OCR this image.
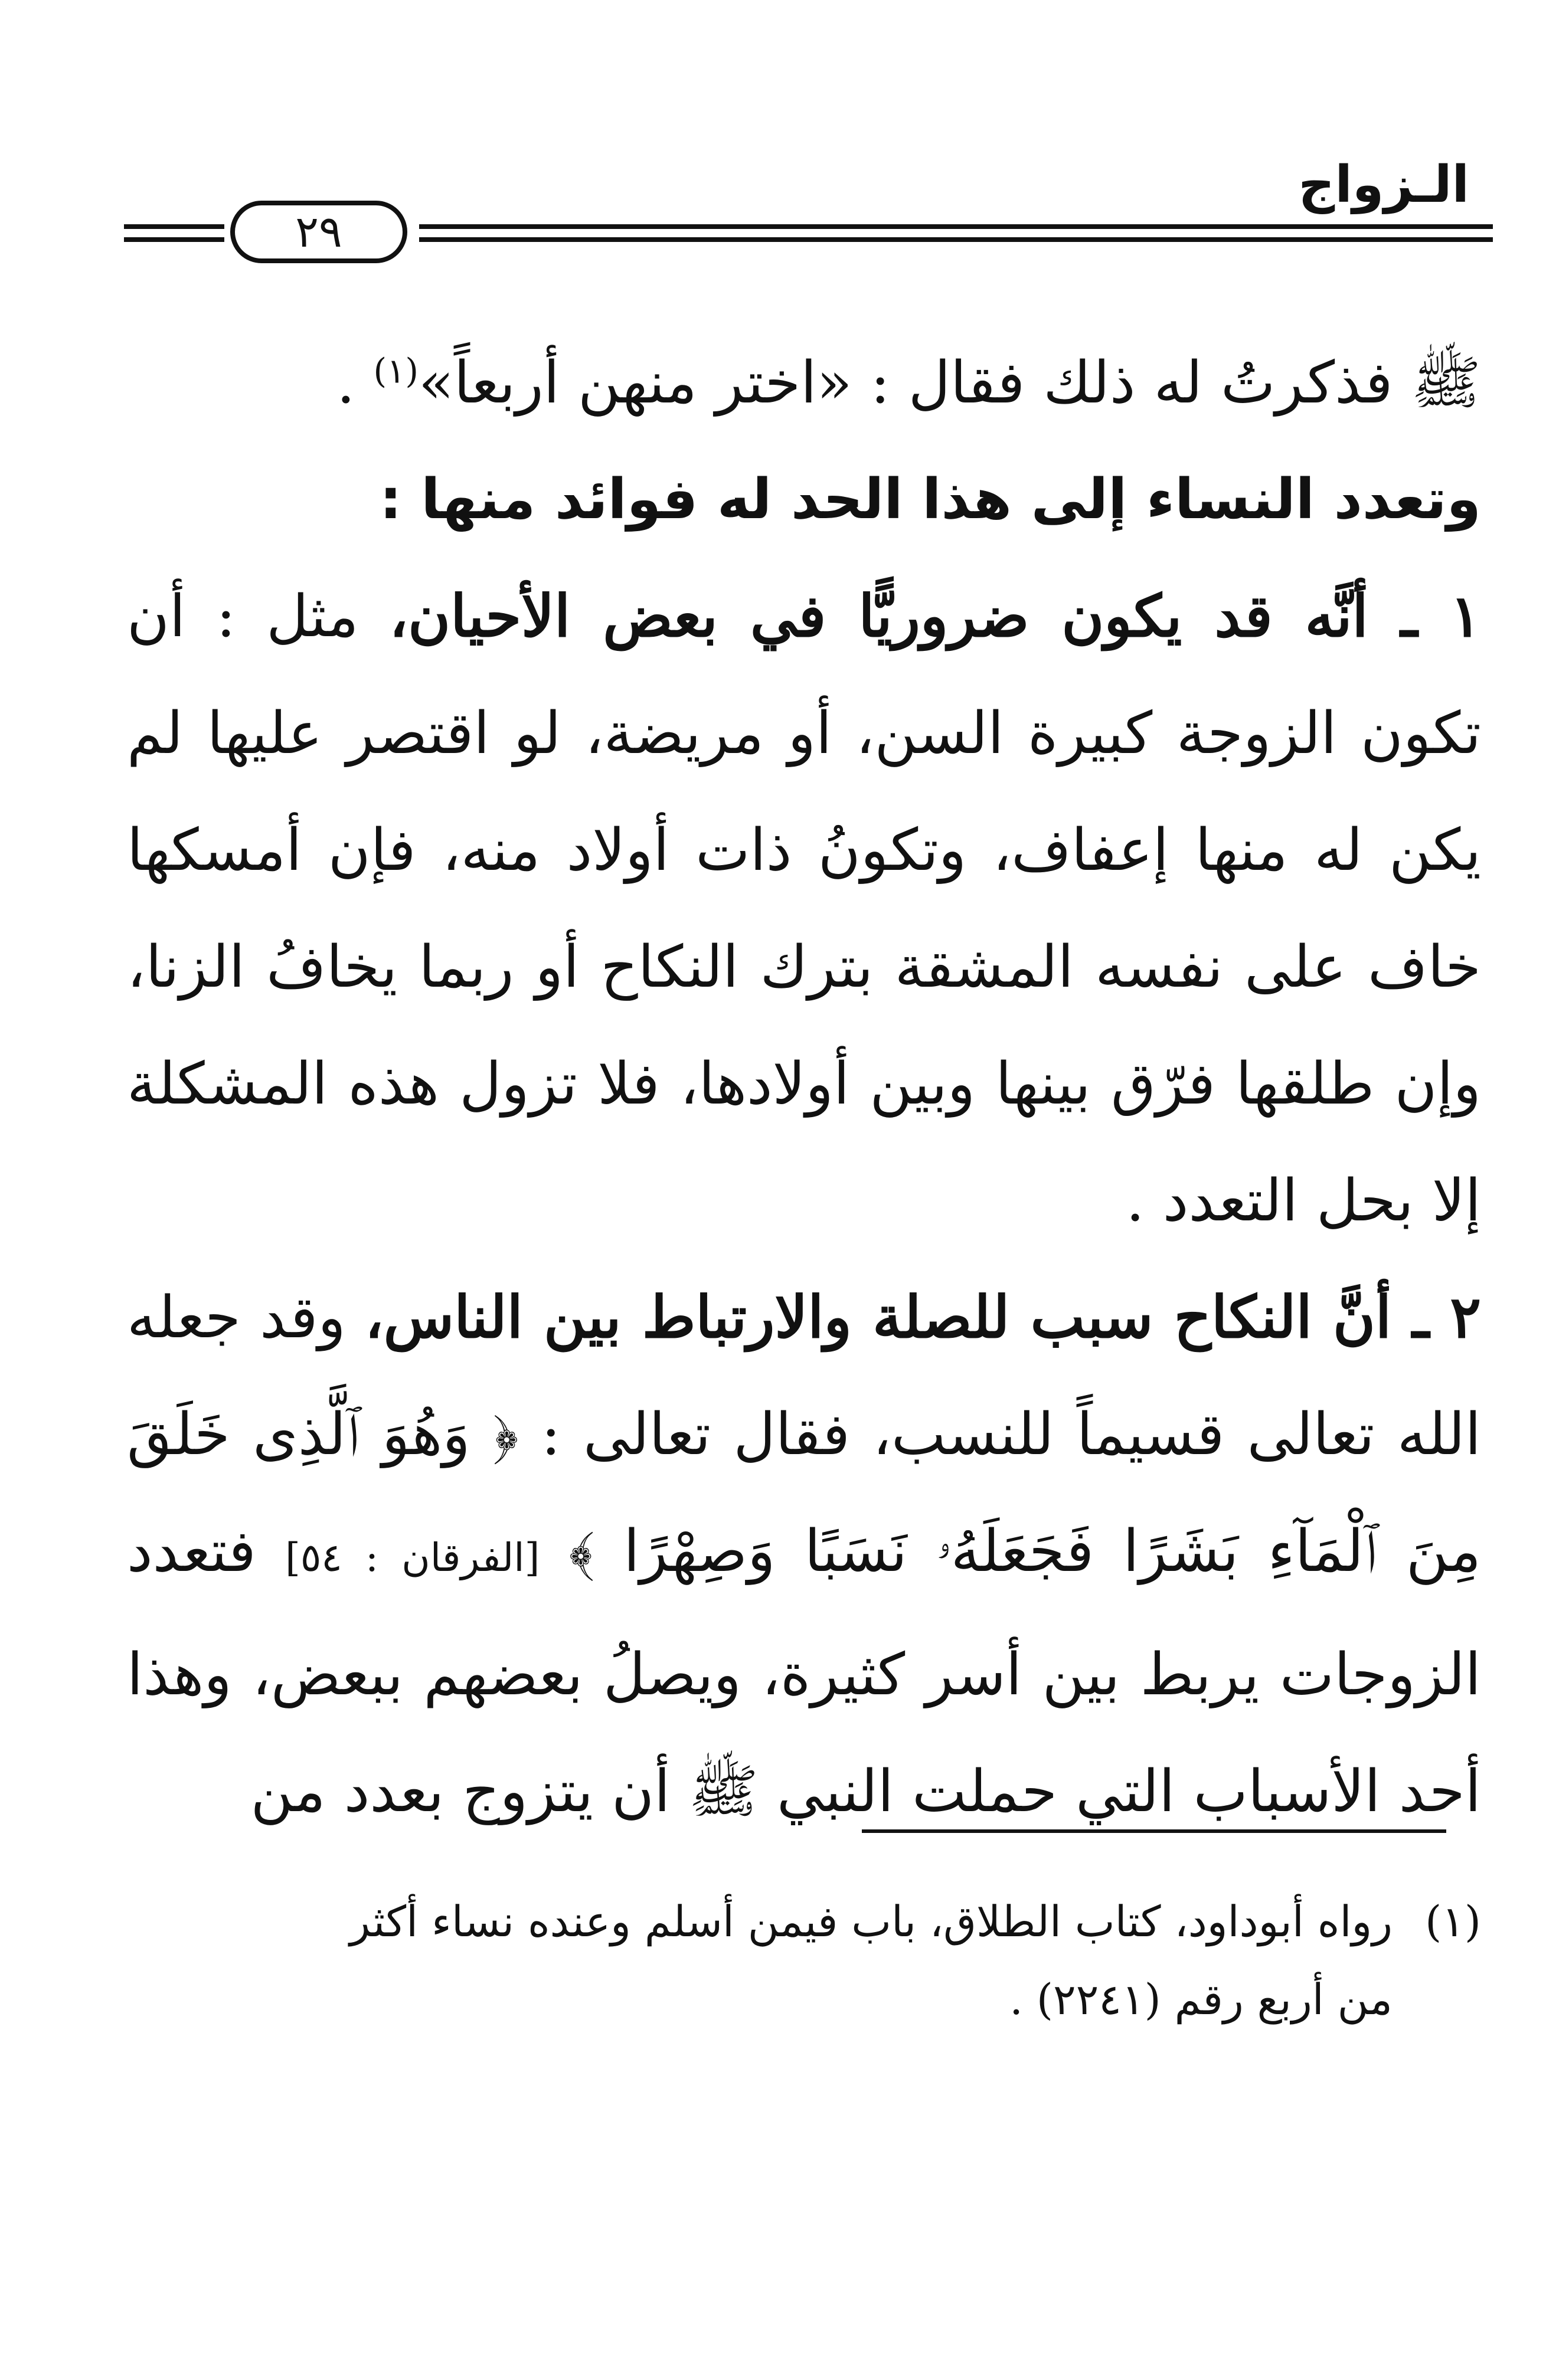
٢٩
الـزواج

ﷺ فذكرتُ له ذلك فقال : «اختر منهن أربعاً»$^{(١)}$ .

وتعدد النساء إلى هذا الحد له فوائد منها :

١ ـ أنَّه قد يكون ضروريًّا في بعض الأحيان، مثل : أن تكون الزوجة كبيرة السن، أو مريضة، لو اقتصر عليها لم يكن له منها إعفاف، وتكونُ ذات أولاد منه، فإن أمسكها خاف على نفسه المشقة بترك النكاح أو ربما يخافُ الزنا، وإن طلقها فرّق بينها وبين أولادها، فلا تزول هذه المشكلة إلا بحل التعدد .

٢ ـ أنَّ النكاح سبب للصلة والارتباط بين الناس، وقد جعله الله تعالى قسيماً للنسب، فقال تعالى : ﴿ وَهُوَ ٱلَّذِى خَلَقَ مِنَ ٱلْمَآءِ بَشَرًا فَجَعَلَهُۥ نَسَبًا وَصِهْرًا ﴾ [الفرقان : ٥٤] فتعدد الزوجات يربط بين أسر كثيرة، ويصلُ بعضهم ببعض، وهذا أحد الأسباب التي حملت النبي ﷺ أن يتزوج بعدد من

(١)رواه أبوداود، كتاب الطلاق، باب فيمن أسلم وعنده نساء أكثر

من أربع رقم (٢٢٤١) .
